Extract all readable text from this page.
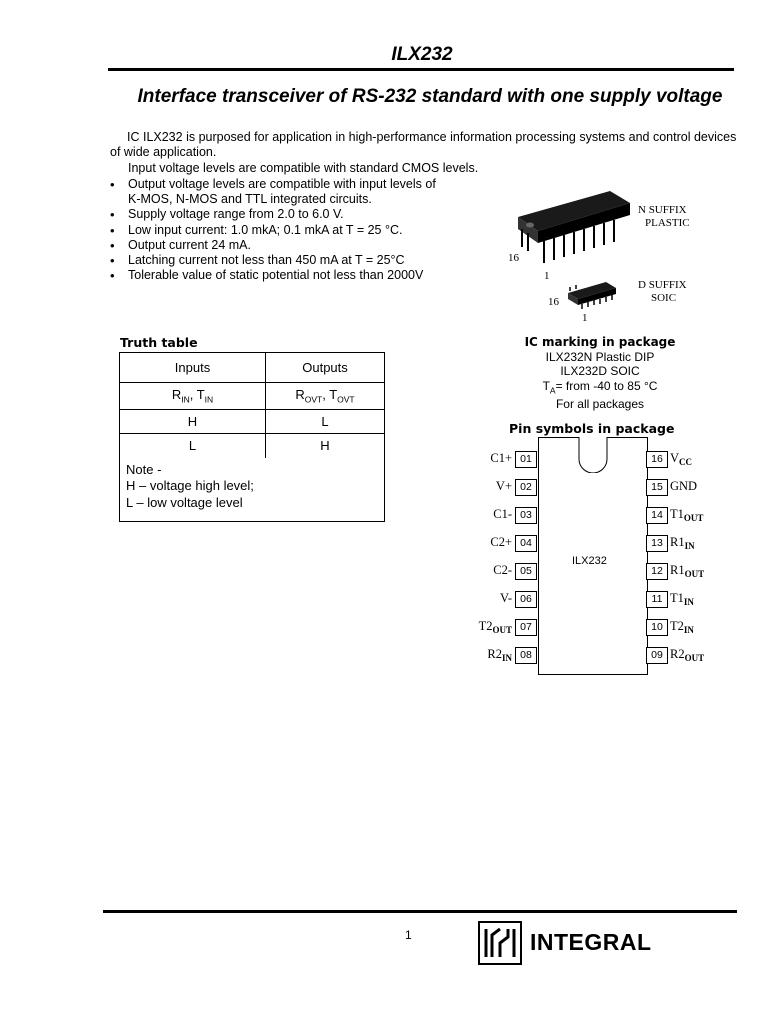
ILX232
Interface transceiver of RS-232 standard with one supply voltage
IC ILX232 is purposed for application in high-performance information processing systems and control devices of wide application.
Input voltage levels are compatible with standard CMOS levels.
• Output voltage levels are compatible with input levels of K-MOS, N-MOS and TTL integrated circuits.
• Supply voltage range from 2.0 to 6.0 V.
• Low input current: 1.0 mkA; 0.1 mkA at T = 25 °C.
• Output current 24 mA.
• Latching current not less than 450 mA at T = 25°C
• Tolerable value of static potential not less than 2000V
16
1
N SUFFIX
PLASTIC
16
1
D SUFFIX
SOIC
IC marking in package
ILX232N Plastic DIP
ILX232D SOIC
$T_A=$ from -40 to 85 °C
For all packages
Truth table
Inputs	Outputs
$R_{IN}$, $T_{IN}$	$R_{OVT}$, $T_{OVT}$
H	L
L	H

Note -
H – voltage high level;
L – low voltage level	
Pin symbols in package
ILX232
01
C1+
02
V+
03
C1-
04
C2+
05
C2-
06
V-
07
$T2_{OUT}$
08
$R2_{IN}$
16 $V_{CC}$
15 GND
14 $T1_{OUT}$
13 $R1_{IN}$
12 $R1_{OUT}$
11 $T1_{IN}$
10 $T2_{IN}$
09 $R2_{OUT}$
1	INTEGRAL
